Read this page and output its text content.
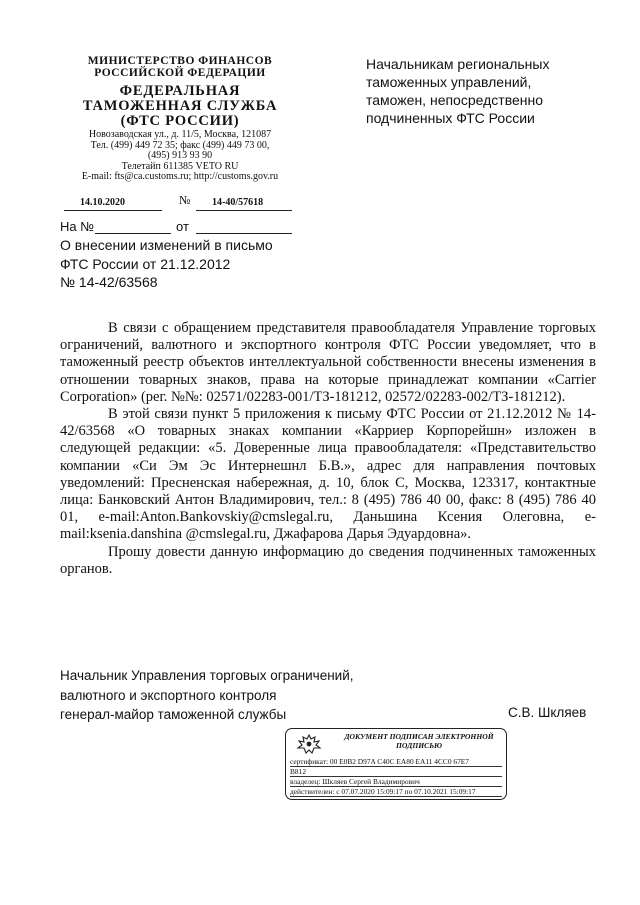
МИНИСТЕРСТВО ФИНАНСОВ
РОССИЙСКОЙ ФЕДЕРАЦИИ
ФЕДЕРАЛЬНАЯ
ТАМОЖЕННАЯ СЛУЖБА
(ФТС РОССИИ)
Новозаводская ул., д. 11/5, Москва, 121087
Тел. (499) 449 72 35; факс (499) 449 73 00,
(495) 913 93 90
Телетайп 611385 VETO RU
E-mail: fts@ca.customs.ru; http://customs.gov.ru
14.10.2020	№ 14-40/57618
На №	от
Начальникам региональных
таможенных управлений,
таможен, непосредственно
подчиненных ФТС России
О внесении изменений в письмо
ФТС России от 21.12.2012
№ 14-42/63568

В связи с обращением представителя правообладателя Управление торговых ограничений, валютного и экспортного контроля ФТС России уведомляет, что в таможенный реестр объектов интеллектуальной собственности внесены изменения в отношении товарных знаков, права на которые принадлежат компании «Carrier Corporation» (рег. №№: 02571/02283-001/ТЗ-181212, 02572/02283-002/ТЗ-181212).

В этой связи пункт 5 приложения к письму ФТС России от 21.12.2012 № 14-42/63568 «О товарных знаках компании «Карриер Корпорейшн» изложен в следующей редакции: «5. Доверенные лица правообладателя: «Представительство компании «Си Эм Эс Интернешнл Б.В.», адрес для направления почтовых уведомлений: Пресненская набережная, д. 10, блок С, Москва, 123317, контактные лица: Банковский Антон Владимирович, тел.: 8 (495) 786 40 00, факс: 8 (495) 786 40 01, e-mail:Anton.Bankovskiy@cmslegal.ru, Даньшина Ксения Олеговна, e-mail:ksenia.danshina @cmslegal.ru, Джафарова Дарья Эдуардовна».

Прошу довести данную информацию до сведения подчиненных таможенных органов.

Начальник Управления торговых ограничений,
валютного и экспортного контроля
генерал-майор таможенной службы	С.В. Шкляев
ДОКУМЕНТ ПОДПИСАН ЭЛЕКТРОННОЙ
ПОДПИСЬЮ
сертификат: 00 E0B2 D97A C40C EA80 EA11 4CC0 67E7
B812
владелец: Шкляев Сергей Владимирович
действителен: с 07.07.2020 15:09:17 по 07.10.2021 15:09:17
